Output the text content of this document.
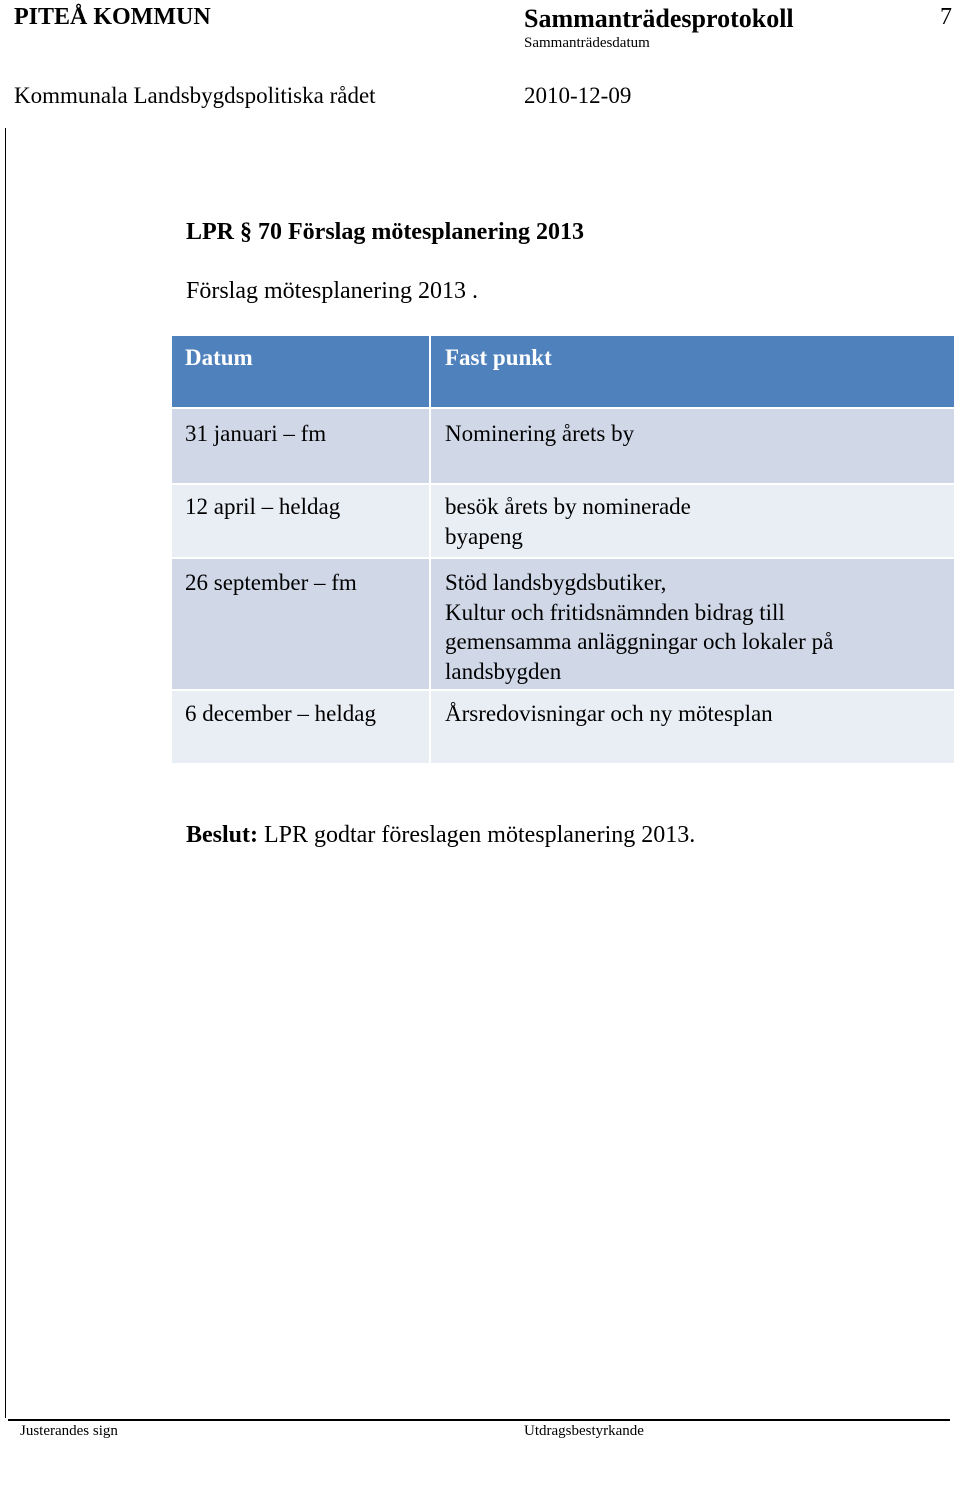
PITEÅ KOMMUN	Sammanträdesprotokoll	7
Sammanträdesdatum
Kommunala Landsbygdspolitiska rådet	2010-12-09
LPR § 70 Förslag mötesplanering 2013
Förslag mötesplanering 2013 .
Datum	Fast punkt
31 januari – fm	Nominering årets by
12 april – heldag	besök årets by nominerade
byapeng
26 september – fm	Stöd landsbygdsbutiker,
Kultur och fritidsnämnden bidrag till
gemensamma anläggningar och lokaler på
landsbygden
6 december – heldag	Årsredovisningar och ny mötesplan
Beslut: LPR godtar föreslagen mötesplanering 2013.
Justerandes sign	Utdragsbestyrkande
